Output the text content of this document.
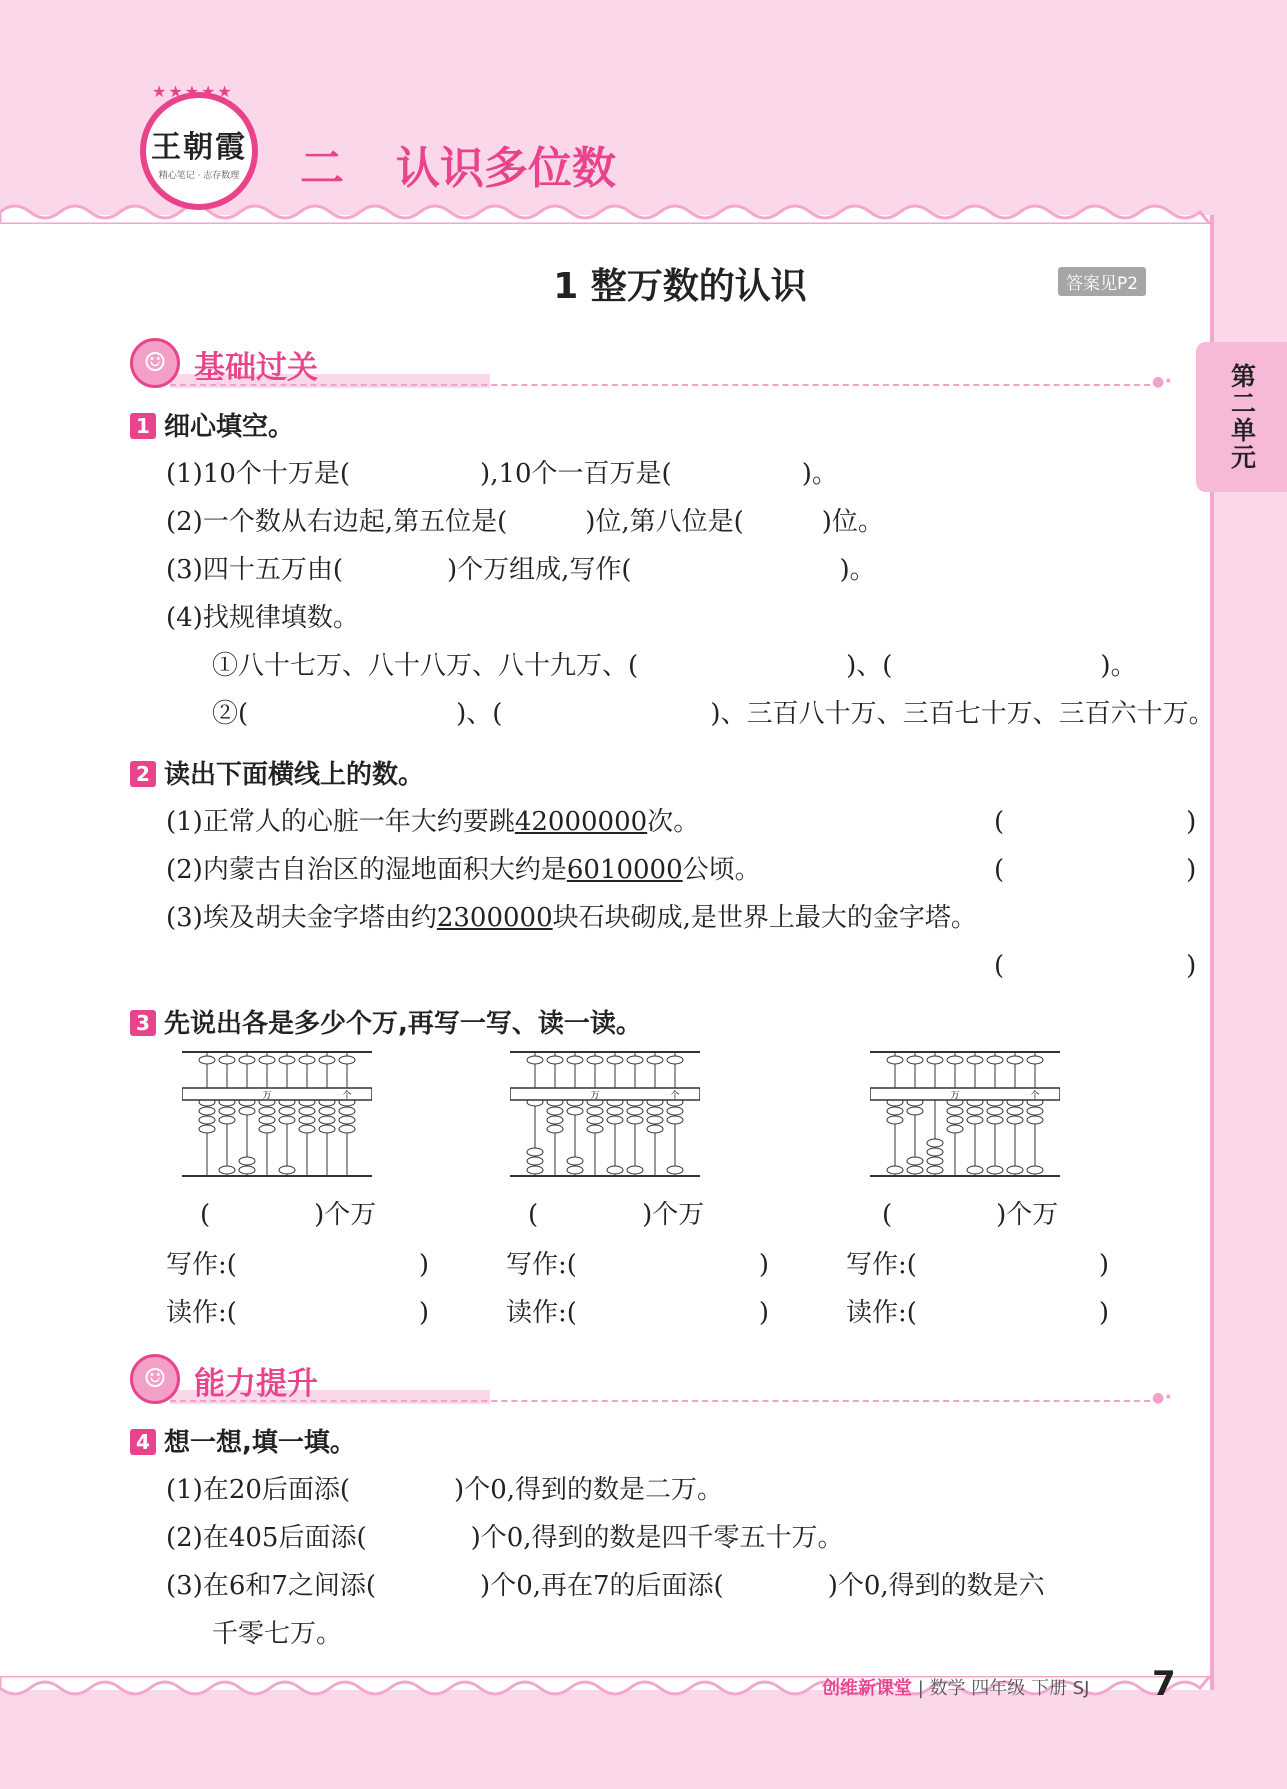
★★★★★
王朝霞
精心笔记 · 志存数理 二 认识多位数
1 整万数的认识	答案见P2
第二单元
●•
☺ 基础过关
1 细心填空。
(1)10个十万是(　　　　　),10个一百万是(　　　　　)。
(2)一个数从右边起,第五位是(　　　)位,第八位是(　　　)位。
(3)四十五万由(　　　　)个万组成,写作(　　　　　　　　)。
(4)找规律填数。
①八十七万、八十八万、八十九万、(　　　　　　　　)、(　　　　　　　　)。
②(　　　　　　　　)、(　　　　　　　　)、三百八十万、三百七十万、三百六十万。
2 读出下面横线上的数。
(1)正常人的心脏一年大约要跳42000000次。	(　　　　　　　)
(2)内蒙古自治区的湿地面积大约是6010000公顷。	(　　　　　　　)
(3)埃及胡夫金字塔由约2300000块石块砌成,是世界上最大的金字塔。
(　　　　　　　)
3 先说出各是多少个万,再写一写、读一读。
万	个	万	个	万	个
(　　　　)个万	(　　　　)个万	(　　　　)个万
写作:(　　　　　　　)	写作:(　　　　　　　)	写作:(　　　　　　　)
读作:(　　　　　　　)	读作:(　　　　　　　)	读作:(　　　　　　　)
●•
☺ 能力提升
4 想一想,填一填。
(1)在20后面添(　　　　)个0,得到的数是二万。
(2)在405后面添(　　　　)个0,得到的数是四千零五十万。
(3)在6和7之间添(　　　　)个0,再在7的后面添(　　　　)个0,得到的数是六
千零七万。
创维新课堂 | 数学 四年级 下册 SJ 7
